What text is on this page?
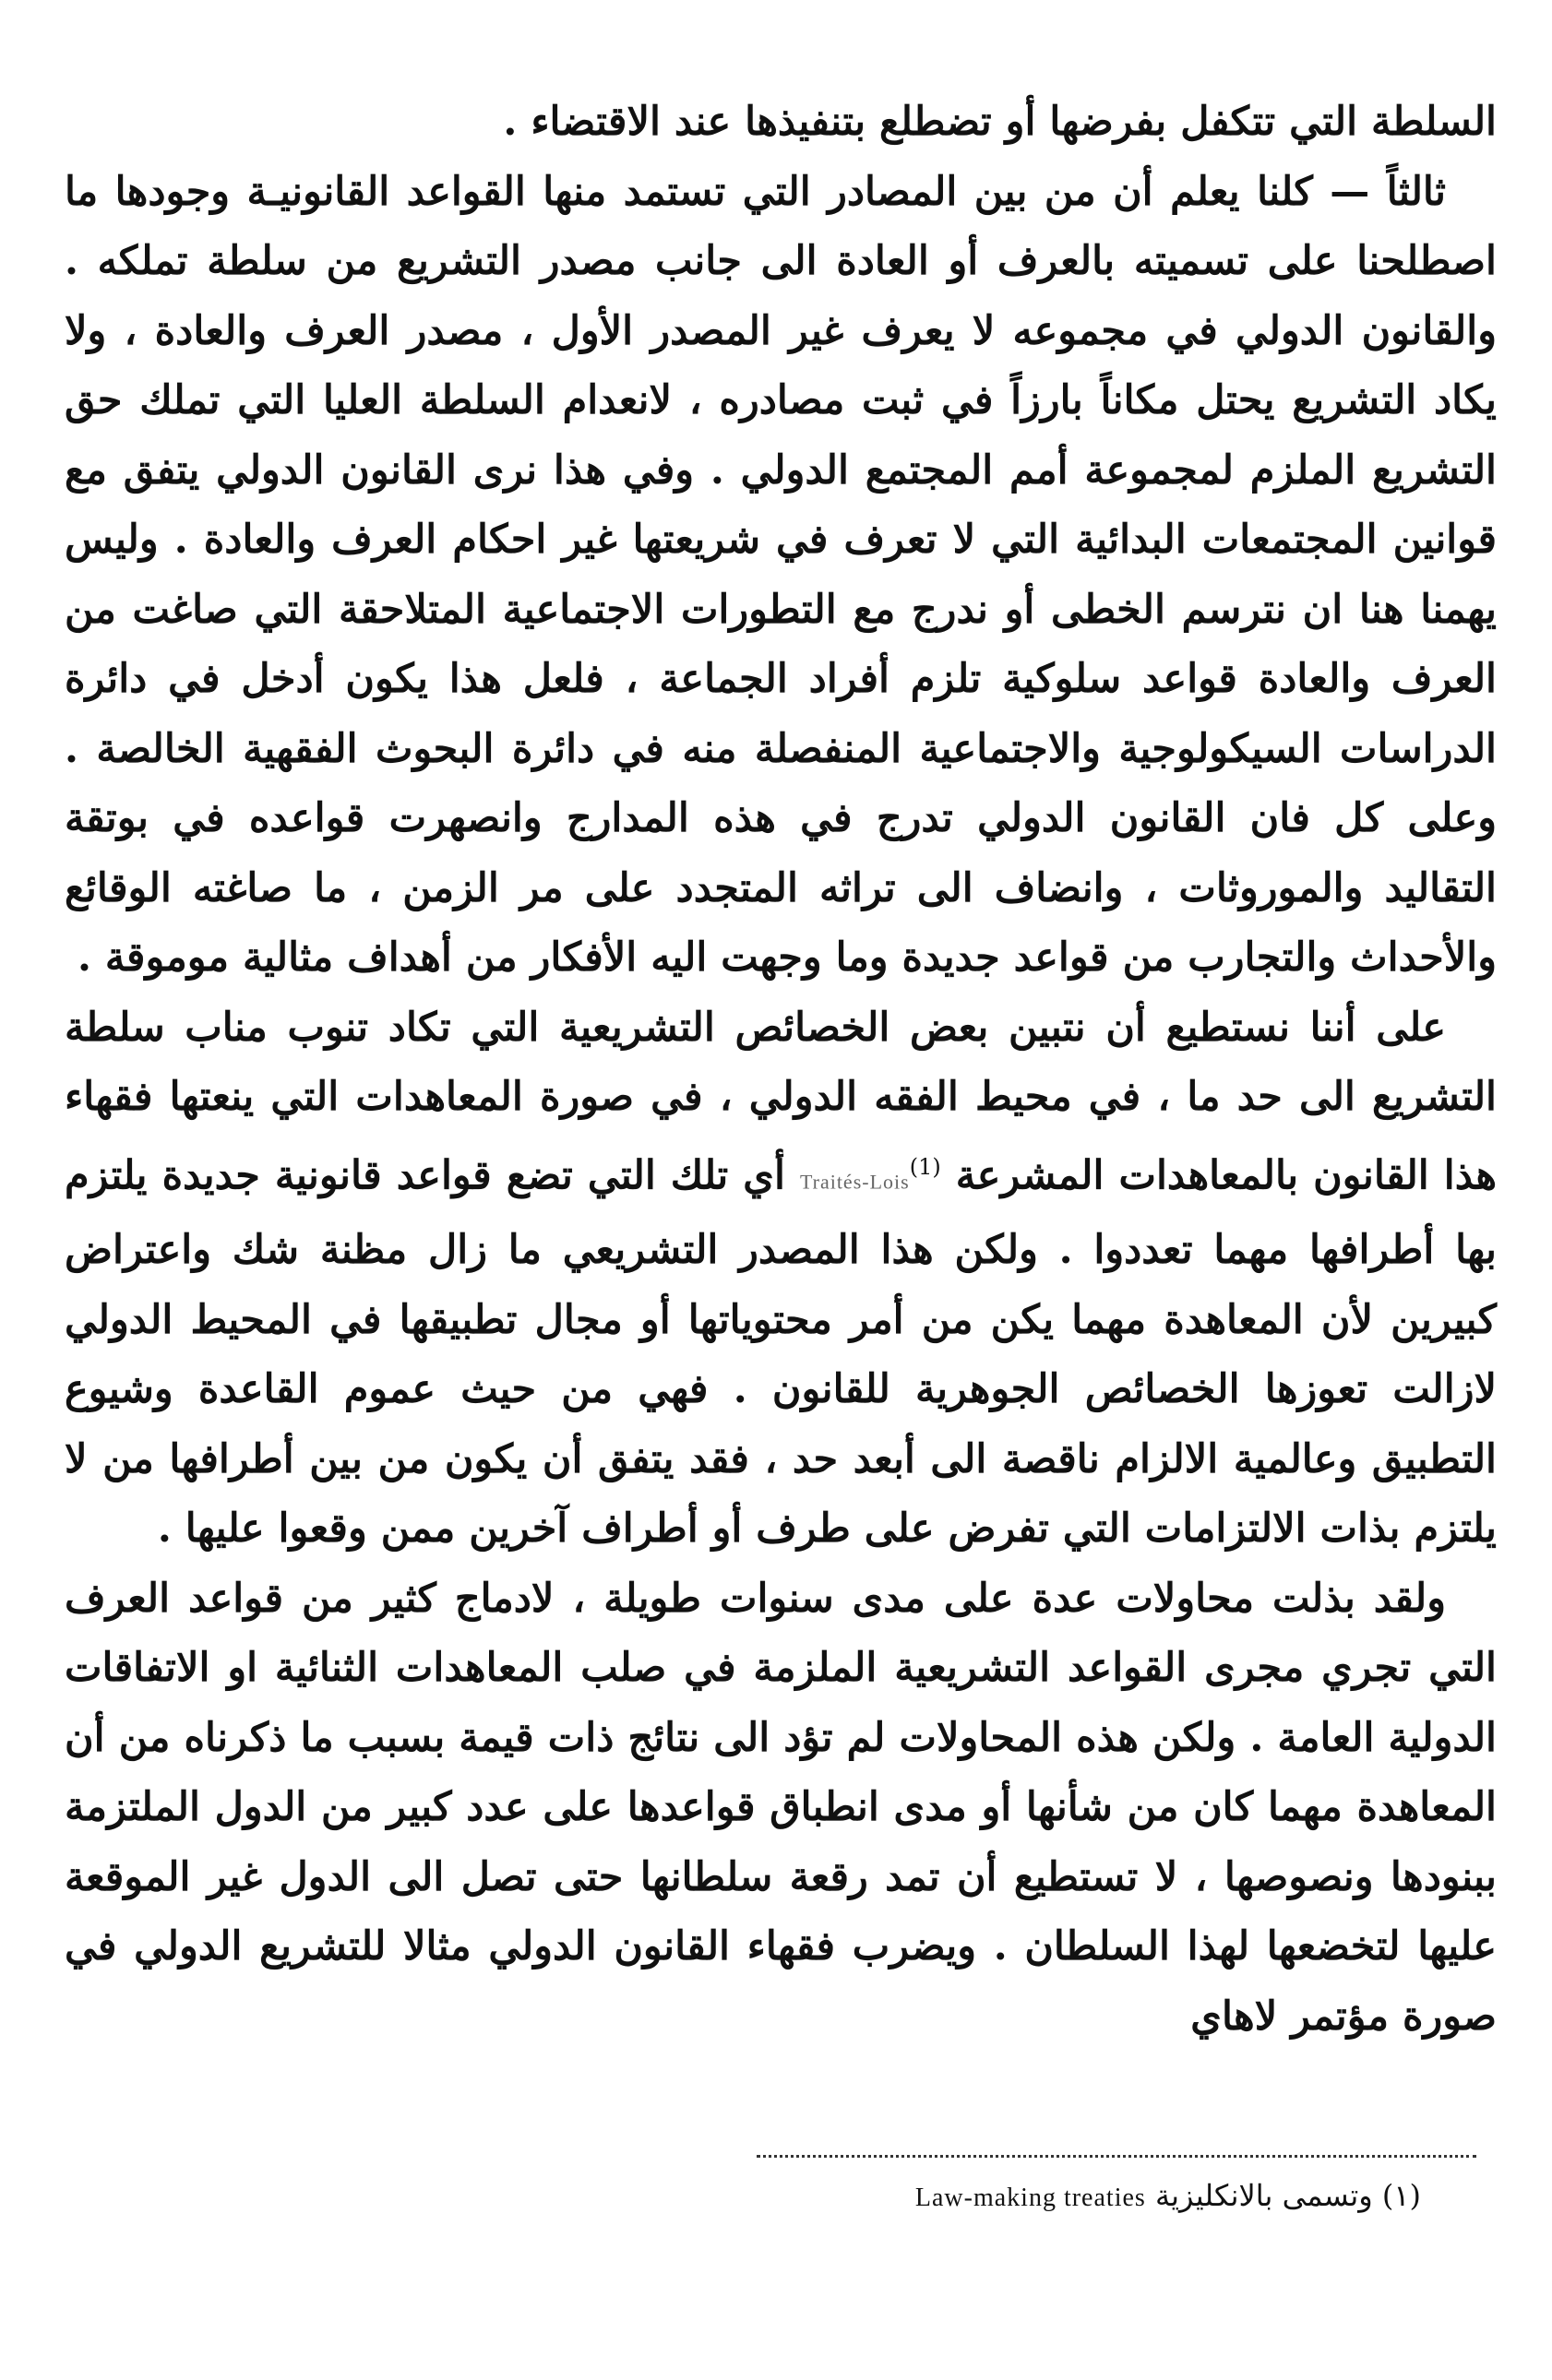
السلطة التي تتكفل بفرضها أو تضطلع بتنفيذها عند الاقتضاء .

ثالثاً — كلنا يعلم أن من بين المصادر التي تستمد منها القواعد القانونيـة وجودها ما اصطلحنا على تسميته بالعرف أو العادة الى جانب مصدر التشريع من سلطة تملكه . والقانون الدولي في مجموعه لا يعرف غير المصدر الأول ، مصدر العرف والعادة ، ولا يكاد التشريع يحتل مكاناً بارزاً في ثبت مصادره ، لانعدام السلطة العليا التي تملك حق التشريع الملزم لمجموعة أمم المجتمع الدولي . وفي هذا نرى القانون الدولي يتفق مع قوانين المجتمعات البدائية التي لا تعرف في شريعتها غير احكام العرف والعادة . وليس يهمنا هنا ان نترسم الخطى أو ندرج مع التطورات الاجتماعية المتلاحقة التي صاغت من العرف والعادة قواعد سلوكية تلزم أفراد الجماعة ، فلعل هذا يكون أدخل في دائرة الدراسات السيكولوجية والاجتماعية المنفصلة منه في دائرة البحوث الفقهية الخالصة . وعلى كل فان القانون الدولي تدرج في هذه المدارج وانصهرت قواعده في بوتقة التقاليد والموروثات ، وانضاف الى تراثه المتجدد على مر الزمن ، ما صاغته الوقائع والأحداث والتجارب من قواعد جديدة وما وجهت اليه الأفكار من أهداف مثالية موموقة .

على أننا نستطيع أن نتبين بعض الخصائص التشريعية التي تكاد تنوب مناب سلطة التشريع الى حد ما ، في محيط الفقه الدولي ، في صورة المعاهدات التي ينعتها فقهاء هذا القانون بالمعاهدات المشرعة Traités-Lois$^{(1)}$ أي تلك التي تضع قواعد قانونية جديدة يلتزم بها أطرافها مهما تعددوا . ولكن هذا المصدر التشريعي ما زال مظنة شك واعتراض كبيرين لأن المعاهدة مهما يكن من أمر محتوياتها أو مجال تطبيقها في المحيط الدولي لازالت تعوزها الخصائص الجوهرية للقانون . فهي من حيث عموم القاعدة وشيوع التطبيق وعالمية الالزام ناقصة الى أبعد حد ، فقد يتفق أن يكون من بين أطرافها من لا يلتزم بذات الالتزامات التي تفرض على طرف أو أطراف آخرين ممن وقعوا عليها .

ولقد بذلت محاولات عدة على مدى سنوات طويلة ، لادماج كثير من قواعد العرف التي تجري مجرى القواعد التشريعية الملزمة في صلب المعاهدات الثنائية او الاتفاقات الدولية العامة . ولكن هذه المحاولات لم تؤد الى نتائج ذات قيمة بسبب ما ذكرناه من أن المعاهدة مهما كان من شأنها أو مدى انطباق قواعدها على عدد كبير من الدول الملتزمة ببنودها ونصوصها ، لا تستطيع أن تمد رقعة سلطانها حتى تصل الى الدول غير الموقعة عليها لتخضعها لهذا السلطان . ويضرب فقهاء القانون الدولي مثالا للتشريع الدولي في صورة مؤتمر لاهاي

(١) وتسمى بالانكليزية Law-making treaties
